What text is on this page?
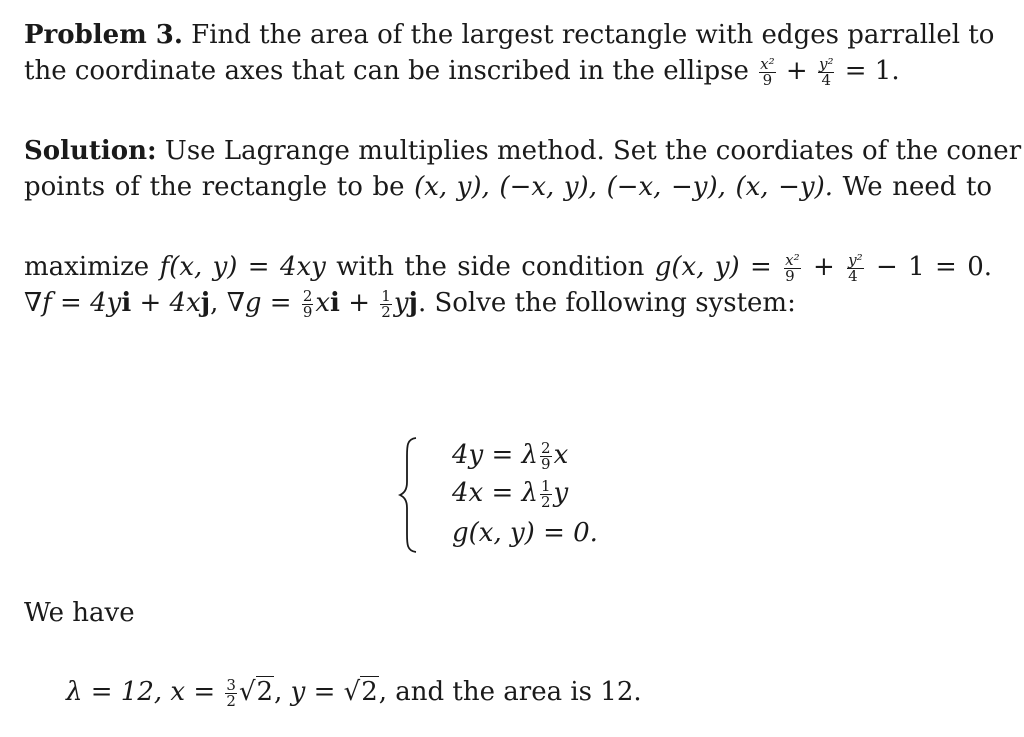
Problem 3. Find the area of the largest rectangle with edges parrallel to
the coordinate axes that can be inscribed in the ellipse $\frac{\text{x²}}{9} + \frac{\text{y²}}{4} = 1$.
Solution: Use Lagrange multiplies method. Set the coordiates of the coner
points of the rectangle to be (x, y), (−x, y), (−x, −y), (x, −y). We need to
maximize f(x, y) = 4xy with the side condition g(x, $y) = \frac{\text{x²}}{9} + \frac{\text{y²}}{4} - 1 = 0$.
∇f = 4yi + 4xj, $\nabla g = \frac{2}{9}$ xi + $\frac{1}{2}$ yj. Solve the following system:
4y = λ $\frac{2}{9}$ x
4x = λ $\frac{1}{2}$ y
g(x, y) = 0.
We have
λ = 12, $x = \frac{3}{2} √2$, y = √2, and the area is 12.
